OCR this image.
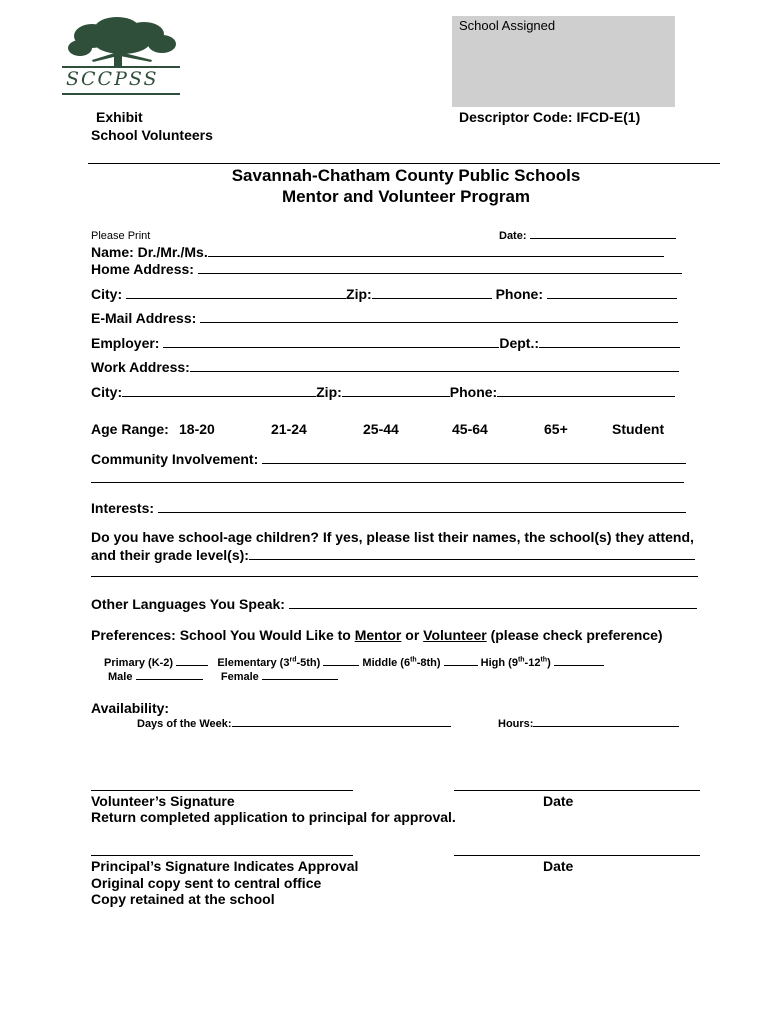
SCCPSS
School Assigned
Exhibit
School Volunteers
Descriptor Code: IFCD-E(1)
Savannah-Chatham County Public Schools
Mentor and Volunteer Program
Please Print	Date:
Name: Dr./Mr./Ms.
Home Address:
City:	Zip:	Phone:
E-Mail Address:
Employer:	Dept.:
Work Address:
City:	Zip:	Phone:
Age Range: 18-20	21-24	25-44	45-64	65+	Student
Community Involvement:
Interests:
Do you have school-age children? If yes, please list their names, the school(s) they attend,
and their grade level(s):
Other Languages You Speak:
Preferences: School You Would Like to Mentor or Volunteer (please check preference)
Primary (K-2)	Elementary (3rd-5th)	Middle (6th-8th)	High (9th-12th)
Male	Female
Availability:
Days of the Week:	Hours:
Volunteer’s Signature	Date
Return completed application to principal for approval.
Principal’s Signature Indicates Approval	Date
Original copy sent to central office
Copy retained at the school
